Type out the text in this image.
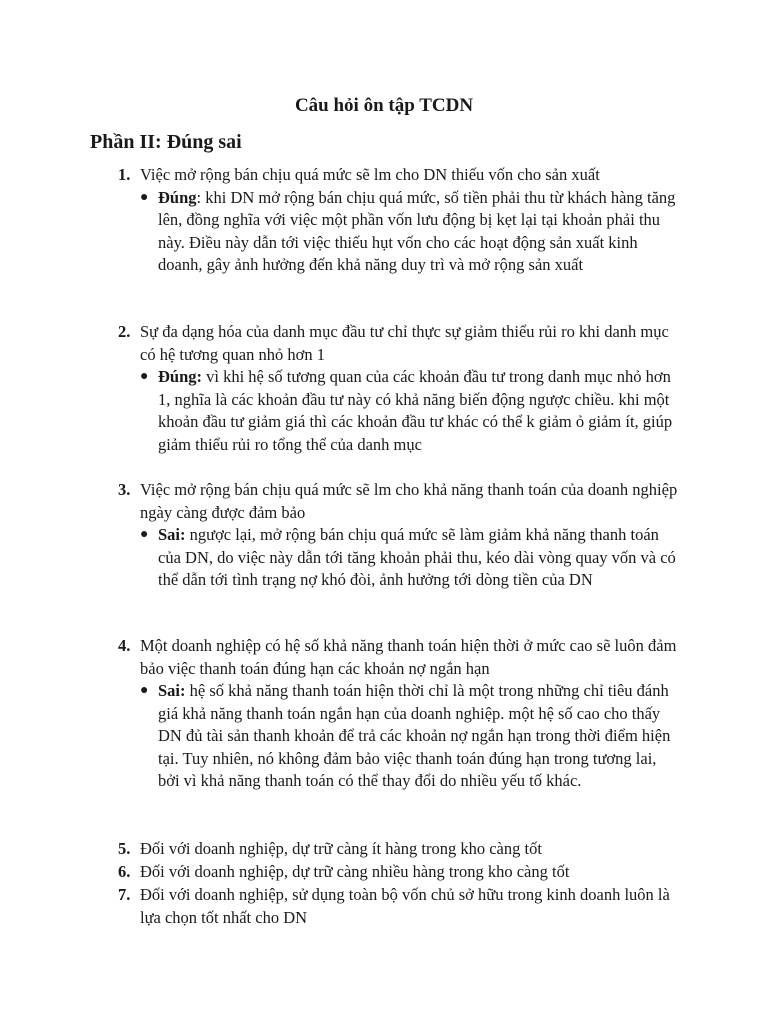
Câu hỏi ôn tập TCDN
Phần II: Đúng sai
1. Việc mở rộng bán chịu quá mức sẽ lm cho DN thiếu vốn cho sản xuất
● Đúng: khi DN mở rộng bán chịu quá mức, số tiền phải thu từ khách hàng tăng lên, đồng nghĩa với việc một phần vốn lưu động bị kẹt lại tại khoản phải thu này. Điều này dẫn tới việc thiếu hụt vốn cho các hoạt động sản xuất kinh doanh, gây ảnh hưởng đến khả năng duy trì và mở rộng sản xuất
2. Sự đa dạng hóa của danh mục đầu tư chỉ thực sự giảm thiểu rủi ro khi danh mục có hệ tương quan nhỏ hơn 1
● Đúng: vì khi hệ số tương quan của các khoản đầu tư trong danh mục nhỏ hơn 1, nghĩa là các khoản đầu tư này có khả năng biến động ngược chiều. khi một khoản đầu tư giảm giá thì các khoản đầu tư khác có thể k giảm ỏ giảm ít, giúp giảm thiểu rủi ro tổng thể của danh mục
3. Việc mở rộng bán chịu quá mức sẽ lm cho khả năng thanh toán của doanh nghiệp ngày càng được đảm bảo
● Sai: ngược lại, mở rộng bán chịu quá mức sẽ làm giảm khả năng thanh toán của DN, do việc này dẫn tới tăng khoản phải thu, kéo dài vòng quay vốn và có thể dẫn tới tình trạng nợ khó đòi, ảnh hưởng tới dòng tiền của DN
4. Một doanh nghiệp có hệ số khả năng thanh toán hiện thời ở mức cao sẽ luôn đảm bảo việc thanh toán đúng hạn các khoản nợ ngắn hạn
● Sai: hệ số khả năng thanh toán hiện thời chỉ là một trong những chỉ tiêu đánh giá khả năng thanh toán ngắn hạn của doanh nghiệp. một hệ số cao cho thấy DN đủ tài sản thanh khoản để trả các khoản nợ ngắn hạn trong thời điểm hiện tại. Tuy nhiên, nó không đảm bảo việc thanh toán đúng hạn trong tương lai, bởi vì khả năng thanh toán có thể thay đổi do nhiều yếu tố khác.
5. Đối với doanh nghiệp, dự trữ càng ít hàng trong kho càng tốt
6. Đối với doanh nghiệp, dự trữ càng nhiều hàng trong kho càng tốt
7. Đối với doanh nghiệp, sử dụng toàn bộ vốn chủ sở hữu trong kinh doanh luôn là lựa chọn tốt nhất cho DN
